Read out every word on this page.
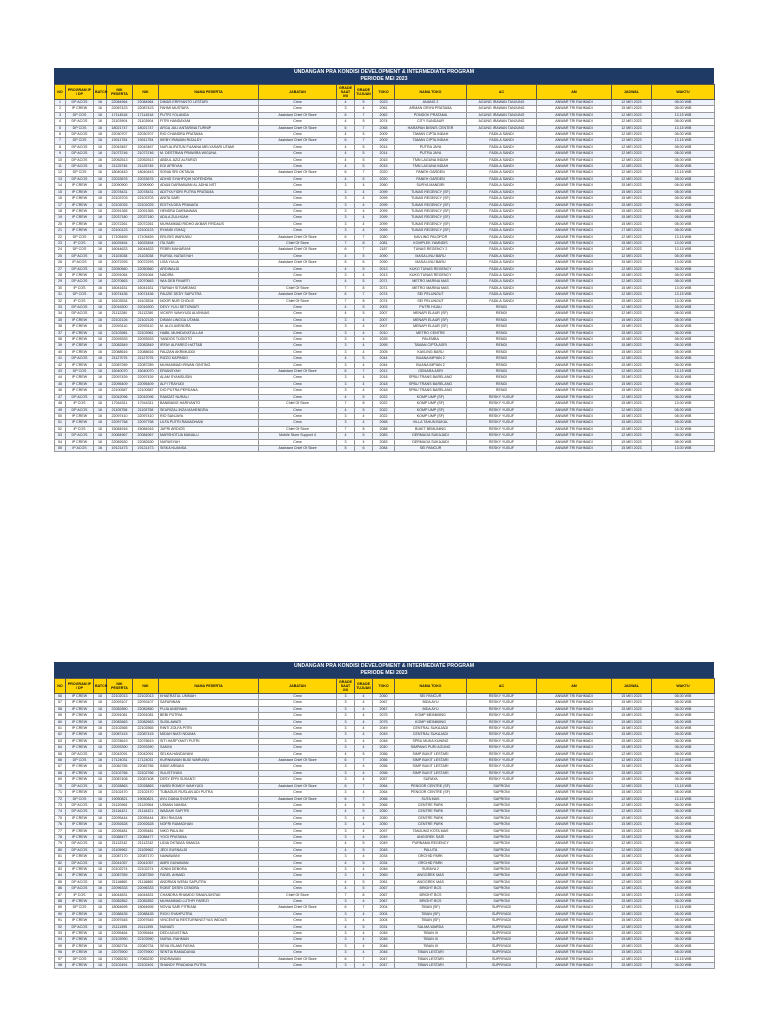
UNDANGAN PRA KONDISI DEVELOPMENT & INTERMEDIATE PROGRAM
PERIODE MEI 2023
NO	PROGRAM IP / DP	BATCH	NIK PESERTA	NIK	NAMA PESERTA	JABATAN	GRADE SAAT INI	GRADE TUJUAN	TOKO	NAMA TOKO	AC	AM	JADWAL	WAKTU
1	DP ACOS	16	22084964	22084964	DIMAS ERRYANTO LESTARI	Crew	4	5	2023	ANANG 2	AGUNG IRAWAN TANJUNG	ANWAR TRI RAHMADI	12 MEI 2023	08.00 WIB
2	IP CREW	16	22087423	22087423	FAHMI MUSTAFA	Crew	3	4	2061	ARMAN GRIYA PRATAMA	AGUNG IRAWAN TANJUNG	ANWAR TRI RAHMADI	15 MEI 2023	08.00 WIB
3	DP COS	16	17114518	17114518	PUTRI YOLANDA	Assistant Chief Of Store	6	7	2062	PONDOK PRATAMA	AGUNG IRAWAN TANJUNG	ANWAR TRI RAHMADI	12 MEI 2023	13.15 WIB
4	DP ACOS	16	21103904	21103904	FITRI HANDAYANI	Crew	4	5	2074	CITY SUNDAUR	AGUNG IRAWAN TANJUNG	ANWAR TRI RAHMADI	12 MEI 2023	08.00 WIB
5	DP COS	16	18021747	18021747	ARGA JULI ANTARINA TURNIP	Assistant Chief Of Store	6	7	2068	HARAPAN BISNIS CENTER	AGUNG IRAWAN TANJUNG	ANWAR TRI RAHMADI	12 MEI 2023	13.15 WIB
6	DP ACOS	16	22030707	22030707	RIO CHANDRA PRATAMA	Crew	4	5	2009	TAMAN CIPTA INDAH	FADILA SANDI	ANWAR TRI RAHMADI	12 MEI 2023	08.00 WIB
7	DP COS	16	19011754	19011754	IKEBY IRAWAN RIZALDY	Assistant Chief Of Store	6	7	2009	TAMAN CIPTA INDAH	FADILA SANDI	ANWAR TRI RAHMADI	12 MEI 2023	13.15 WIB
8	DP ACOS	16	22043467	22043467	NUR ALIFATUN FUANNA MELYASARI UTAMI	Crew	4	5	2014	PUTRA JAYA	FADILA SANDI	ANWAR TRI RAHMADI	12 MEI 2023	08.00 WIB
9	DP ACOS	16	21073746	21073746	M. DESTRIAN PRAWIRA WIGUNA	Crew	4	5	2014	PUTRA JAYA	FADILA SANDI	ANWAR TRI RAHMADI	12 MEI 2023	08.00 WIB
10	DP ACOS	16	22052513	22052513	ABDUL AZIZ ALFARIZI	Crew	4	5	2015	TMN LAGUNA INDAH	FADILA SANDI	ANWAR TRI RAHMADI	12 MEI 2023	08.00 WIB
11	DP ACOS	16	21125745	21125745	EGI AFRIYAN	Crew	4	5	2015	TMN LAGUNA INDAH	FADILA SANDI	ANWAR TRI RAHMADI	12 MEI 2023	08.00 WIB
12	DP COS	16	18040443	18040443	SONIA SRI OKTAVIA	Assistant Chief Of Store	6	7	2020	PANEH GARDEN	FADILA SANDI	ANWAR TRI RAHMADI	12 MEI 2023	13.15 WIB
13	DP ACOS	16	22033676	22033676	ADHID SYAHFIQIH NOFENDRA	Crew	4	5	2020	PANEH GARDEN	FADILA SANDI	ANWAR TRI RAHMADI	12 MEI 2023	08.00 WIB
14	IP CREW	16	22090900	22090900	ADAM DARMAWAN AL ADHA NST	Crew	3	4	2060	SURYA MANDIRI	FADILA SANDI	ANWAR TRI RAHMADI	15 MEI 2023	08.00 WIB
15	IP CREW	16	22078431	22078431	ADITYA FIDRI PUTRA PRATAMA	Crew	3	4	2099	TUNAS REGENCY (SF)	FADILA SANDI	ANWAR TRI RAHMADI	15 MEI 2023	08.00 WIB
16	IP CREW	16	22103703	22103703	ANITA SARI	Crew	3	4	2099	TUNAS REGENCY (SF)	FADILA SANDI	ANWAR TRI RAHMADI	15 MEI 2023	08.00 WIB
17	IP CREW	16	22102025	22102025	EDITYA DEA PRANATA	Crew	3	4	2099	TUNAS REGENCY (SF)	FADILA SANDI	ANWAR TRI RAHMADI	15 MEI 2023	08.00 WIB
18	IP CREW	16	22091365	22091365	HENDRA DARMAWAN	Crew	3	4	2099	TUNAS REGENCY (SF)	FADILA SANDI	ANWAR TRI RAHMADI	15 MEI 2023	08.00 WIB
19	IP CREW	16	22037180	22037180	ADILA ZULHIJAH	Crew	3	4	2099	TUNAS REGENCY (SF)	FADILA SANDI	ANWAR TRI RAHMADI	15 MEI 2023	08.00 WIB
20	IP CREW	16	22072261	22072261	MUHAMMAD RIDHO AKBAR FIRDAUS	Crew	3	4	2099	TUNAS REGENCY (SF)	FADILA SANDI	ANWAR TRI RAHMADI	15 MEI 2023	08.00 WIB
21	IP CREW	16	22100123	22100123	RYANDI ISHAQ	Crew	3	4	2099	TUNAS REGENCY (SF)	FADILA SANDI	ANWAR TRI RAHMADI	17 MEI 2023	08.00 WIB
22	DP COS	16	17105459	17105459	ERLISIS WARUWU	Assistant Chief Of Store	6	7	2080	KAVLING PALOPOR	FADILA SANDI	ANWAR TRI RAHMADI	12 MEI 2023	13.15 WIB
23	IP COS	16	16025454	16025454	ITA SARI	Chief Of Store	7	8	2081	KOMPLEK YAMNDIS	FADILA SANDI	ANWAR TRI RAHMADI	15 MEI 2023	13.00 WIB
24	DP COS	16	16044633	16044633	FEBRI MAHARANI	Assistant Chief Of Store	6	7	2187	TUNAS REGENCY 2	FADILA SANDI	ANWAR TRI RAHMADI	12 MEI 2023	13.15 WIB
25	DP ACOS	16	21103038	21103038	RURIUL NATASYAH	Crew	4	5	2090	MASA LINU BARU	FADILA SANDI	ANWAR TRI RAHMADI	12 MEI 2023	08.00 WIB
26	IP ACOS	16	20072293	20072293	LISA YULIA	Assistant Chief Of Store	5	6	2090	MASA LINU BARU	FADILA SANDI	ANWAR TRI RAHMADI	15 MEI 2023	13.00 WIB
27	DP ACOS	16	22050560	22050560	ARDINALDI	Crew	4	5	2013	KUKO TUNAS REGENCY	FADILA SANDI	ANWAR TRI RAHMADI	12 MEI 2023	08.00 WIB
28	IP CREW	16	22091064	22091064	NADIRA	Crew	3	4	2013	KUKO TUNAS REGENCY	FADILA SANDI	ANWAR TRI RAHMADI	15 MEI 2023	08.00 WIB
29	DP ACOS	16	22070663	22070663	WIA DEB FINARTI	Crew	4	5	2071	METRO MARINA MAS	FADILA SANDI	ANWAR TRI RAHMADI	12 MEI 2023	08.00 WIB
30	IP COS	16	16041631	16041631	ITARIAH SITUMEANG	Chief Of Store	7	8	2071	METRO MARINA MAS	FADILA SANDI	ANWAR TRI RAHMADI	15 MEI 2023	13.00 WIB
31	DP COS	16	19074436	19074436	FAUZIE DEDY SAPUTRA	Assistant Chief Of Store	6	7	2074	SEI PELUNGUT	FADILA SANDI	ANWAR TRI RAHMADI	12 MEI 2023	13.15 WIB
32	IP COS	16	16103534	16103534	NOOR NUR CHOLIS	Chief Of Store	7	8	2074	SEI PELUNGUT	FADILA SANDI	ANWAR TRI RAHMADI	15 MEI 2023	13.00 WIB
33	DP ACOS	16	22016300	22016300	DEVY YULI SETIOWATI	Crew	4	5	2003	PUTRI HIJAU	RENDI	ANWAR TRI RAHMADI	12 MEI 2023	08.00 WIB
34	DP ACOS	16	21112280	21112280	VICKRY WAHYUDI ALVINNAS	Crew	4	5	2007	MENAPI ELAUR (SF)	RENDI	ANWAR TRI RAHMADI	12 MEI 2023	08.00 WIB
35	IP CREW	16	22102126	22102126	DIMAN LINGGA UTAMA	Crew	3	4	2007	MENAPI ELAUR (SF)	RENDI	ANWAR TRI RAHMADI	15 MEI 2023	08.00 WIB
36	IP CREW	16	22093110	22093110	M. ALDI AVENDRA	Crew	3	4	2007	MENAPI ELAUR (SF)	RENDI	ANWAR TRI RAHMADI	15 MEI 2023	08.00 WIB
37	IP CREW	16	22103981	22103981	HABIL MUHIDAYATULLAH	Crew	3	4	2010	METRO CENTRE	RENDI	ANWAR TRI RAHMADI	15 MEI 2023	08.00 WIB
38	IP CREW	16	22093933	22093933	YANDOS TUGIOTO	Crew	3	4	2039	PALEMBA	RENDI	ANWAR TRI RAHMADI	15 MEI 2023	08.00 WIB
39	IP CREW	16	22082849	22082849	IRFAY ALFAREO HATTAB	Crew	3	4	2095	TAMAN CIPTA ASRI	RENDI	ANWAR TRI RAHMADI	15 MEI 2023	08.00 WIB
40	IP CREW	16	22088616	22088616	FAUZAN AKRIMUDDI	Crew	3	4	2005	KAVLING BARU	RENDI	ANWAR TRI RAHMADI	15 MEI 2023	08.00 WIB
41	DP ACOS	16	21127075	21127075	RIZZO KAPINDO	Crew	4	5	2044	BUANA IMPIAN 2	RENDI	ANWAR TRI RAHMADI	12 MEI 2023	08.00 WIB
42	IP CREW	16	22087289	22087289	MUHAMMAD IRWAN GINTING	Crew	3	4	2044	BUANA IMPIAN 2	RENDI	ANWAR TRI RAHMADI	15 MEI 2023	08.00 WIB
43	DP COS	16	15040070	15040070	ERIANSYAH	Assistant Chief Of Store	6	7	2012	GEMARA ASRI	RENDI	ANWAR TRI RAHMADI	12 MEI 2023	13.15 WIB
44	IP CREW	16	22097439	22097439	ALAM SYAMSUDIN	Crew	3	4	2018	SPBU TRANS BARELANG	RENDI	ANWAR TRI RAHMADI	15 MEI 2023	08.00 WIB
45	IP CREW	16	22095409	22095409	ALFI TRAYUDI	Crew	3	4	2018	SPBU TRANS BARELANG	RENDI	ANWAR TRI RAHMADI	15 MEI 2023	08.00 WIB
46	IP CREW	16	22100587	22100587	DIO PUTRA PERDANA	Crew	3	4	2018	SPBU TRANS BARELANG	RENDI	ANWAR TRI RAHMADI	15 MEI 2023	08.00 WIB
47	DP ACOS	16	22042096	22042096	RAMZAT NURALI	Crew	4	5	2022	KOMP UMP (SF)	RESKY YUSUF	ANWAR TRI RAHMADI	12 MEI 2023	08.00 WIB
48	IP COS	16	17044311	17044311	BANIBANG HARIYANTO	Chief Of Store	7	8	2022	KOMP UMP (SF)	RESKY YUSUF	ANWAR TRI RAHMADI	15 MEI 2023	13.00 WIB
49	DP ACOS	16	21105758	21105758	SEURIZAL INZA MAHENDRA	Crew	4	5	2022	KOMP UMP (SF)	RESKY YUSUF	ANWAR TRI RAHMADI	12 MEI 2023	08.00 WIB
50	IP CREW	16	22097410	22097410	RIO SANJAYA	Crew	3	4	2022	KOMP UMP (SF)	RESKY YUSUF	ANWAR TRI RAHMADI	15 MEI 2023	08.00 WIB
51	IP CREW	16	22097768	22097768	ULFA PUTRI RAMADHANI	Crew	3	4	2068	VILLA TAHUN BUKAL	RESKY YUSUF	ANWAR TRI RAHMADI	15 MEI 2023	08.00 WIB
52	IP COS	16	15084916	15084916	JUFRI ARDIOS	Chief Of Store	7	8	2088	BUKIT BEMUNING	RESKY YUSUF	ANWAR TRI RAHMADI	15 MEI 2023	13.00 WIB
53	DP ACOS	16	20084967	20084967	MARSHOTUA MANALU	Mobile Store Support 4	4	5	2083	DERMAGA SUKAJADI	RESKY YUSUF	ANWAR TRI RAHMADI	12 MEI 2023	08.00 WIB
54	IP CREW	16	22082630	22082630	NURASYAH	Crew	3	4	2083	DERMAGA SUKAJADI	RESKY YUSUF	ANWAR TRI RAHMADI	15 MEI 2023	08.00 WIB
55	IP ACOS	16	19121473	19121473	SISKA NUANSA	Assistant Chief Of Store	5	6	2084	SEI PANCUR	RESKY YUSUF	ANWAR TRI RAHMADI	15 MEI 2023	13.00 WIB
UNDANGAN PRA KONDISI DEVELOPMENT & INTERMEDIATE PROGRAM
PERIODE MEI 2023
NO	PROGRAM IP / DP	BATCH	NIK PESERTA	NIK	NAMA PESERTA	JABATAN	GRADE SAAT INI	GRADE TUJUAN	TOKO	NAMA TOKO	AC	AM	JADWAL	WAKTU
56	IP CREW	16	22102013	22102013	KHAERATUL UMMAH	Crew	3	4	2060	SEI PANCUR	RESKY YUSUF	ANWAR TRI RAHMADI	15 MEI 2023	08.00 WIB
57	IP CREW	16	22093107	22093107	SAFARINAN	Crew	3	4	2067	BIDA AYU	RESKY YUSUF	ANWAR TRI RAHMADI	15 MEI 2023	08.00 WIB
58	IP CREW	16	22082850	22082850	PUJA ANDRIANI	Crew	3	4	2067	BIDA AYU	RESKY YUSUF	ANWAR TRI RAHMADI	15 MEI 2023	08.00 WIB
59	IP CREW	16	22091081	22091081	BEBI PUTRIA	Crew	3	4	2075	KOMP MEINIMING	RESKY YUSUF	ANWAR TRI RAHMADI	15 MEI 2023	08.00 WIB
60	IP CREW	16	22082663	22082663	SUSILAWATI	Crew	3	4	2075	KOMP MEINIMING	RESKY YUSUF	ANWAR TRI RAHMADI	15 MEI 2023	08.00 WIB
61	IP CREW	16	22102565	22102565	RINTI ZOLFA PITRI	Crew	3	4	2049	CENTRAL SUKAJADI	RESKY YUSUF	ANWAR TRI RAHMADI	15 MEI 2023	08.00 WIB
62	IP CREW	16	22087415	22087415	MIDAH NIATI NDUMA	Crew	3	4	2049	CENTRAL SUKAJADI	RESKY YUSUF	ANWAR TRI RAHMADI	15 MEI 2023	08.00 WIB
63	IP CREW	16	22078619	22078619	SITI HARFYANTI PUTRI	Crew	3	4	2048	SPBU MUKA KUNING	RESKY YUSUF	ANWAR TRI RAHMADI	15 MEI 2023	08.00 WIB
64	IP CREW	16	22093390	22093390	SAKINI	Crew	3	4	2040	SIMPANG PURI AGUNG	RESKY YUSUF	ANWAR TRI RAHMADI	15 MEI 2023	08.00 WIB
65	DP ACOS	16	22042091	22042091	SELKA HANDAYANI	Crew	4	5	2056	SIMP BUKIT LESTARI	RESKY YUSUF	ANWAR TRI RAHMADI	12 MEI 2023	08.00 WIB
66	DP COS	16	17124031	17124031	KURNIAWAN BUDI WARUWU	Assistant Chief Of Store	6	7	2056	SIMP BUKIT LESTARI	RESKY YUSUF	ANWAR TRI RAHMADI	12 MEI 2023	13.15 WIB
67	IP CREW	16	22082785	22082785	INDIE ARBANI	Crew	3	4	2056	SIMP BUKIT LESTARI	RESKY YUSUF	ANWAR TRI RAHMADI	15 MEI 2023	08.00 WIB
68	IP CREW	16	22102766	22102766	SULISTIYANI	Crew	3	4	2056	SIMP BUKIT LESTARI	RESKY YUSUF	ANWAR TRI RAHMADI	15 MEI 2023	08.00 WIB
69	IP CREW	16	22087408	22087408	DESY EFRI SUSANTI	Crew	3	4	2057	SURAYA	RESKY YUSUF	ANWAR TRI RAHMADI	15 MEI 2023	08.00 WIB
70	DP ACOS	16	22028863	22028863	HASBI ROMDY WAHYUDI	Assistant Chief Of Store	6	7	2064	PENGOR CENTRE (SF)	SAPRONI	ANWAR TRI RAHMADI	12 MEI 2023	13.15 WIB
71	IP CREW	16	22102470	22102470	TUBAGUS RUSLAN ADI PUTRA	Crew	3	4	2064	PENGOR CENTRE (SF)	SAPRONI	ANWAR TRI RAHMADI	15 MEI 2023	08.00 WIB
72	DP COS	16	19050821	19050821	AYU DIANA SYAFITRA	Assistant Chief Of Store	6	7	2066	SUTA MAS	SAPRONI	ANWAR TRI RAHMADI	12 MEI 2023	13.15 WIB
73	DP ACOS	16	21120964	21120964	USMAN NANDA	Crew	4	5	2066	CENTRE PARK	SAPRONI	ANWAR TRI RAHMADI	12 MEI 2023	08.00 WIB
74	DP ACOS	16	21116421	21116421	WADAHI SAFITRI	Crew	4	5	2050	CENTRE PARK	SAPRONI	ANWAR TRI RAHMADI	12 MEI 2023	08.00 WIB
75	IP CREW	16	22095444	22095444	JEKI RIAGAN	Crew	3	4	2050	CENTRE PARK	SAPRONI	ANWAR TRI RAHMADI	15 MEI 2023	08.00 WIB
76	IP CREW	16	22092628	22092628	NOFRI RAMADHAN	Crew	3	4	2050	CENTRE PARK	SAPRONI	ANWAR TRI RAHMADI	15 MEI 2023	08.00 WIB
77	IP CREW	16	22095481	22095481	NIKO PAULINI	Crew	3	4	2097	TANJUNG KOTA MAS	SAPRONI	ANWAR TRI RAHMADI	15 MEI 2023	08.00 WIB
78	IP CREW	16	22088477	22088477	YOGI PRATAMA	Crew	3	4	2049	ANGGREK SARI	SAPRONI	ANWAR TRI RAHMADI	15 MEI 2023	08.00 WIB
79	DP ACOS	16	21112242	21112242	LIDIA OKTAVIA SIMAGA	Crew	4	5	2049	PURNAMA REGENCY	SAPRONI	ANWAR TRI RAHMADI	12 MEI 2023	08.00 WIB
80	DP ACOS	16	21105962	21105962	JEDI GUSNALDI	Crew	4	5	2045	PALUTA	SAPRONI	ANWAR TRI RAHMADI	12 MEI 2023	08.00 WIB
81	IP CREW	16	22087170	22087170	NAWAWANI	Crew	3	4	2034	ORCHID PARK	SAPRONI	ANWAR TRI RAHMADI	15 MEI 2023	08.00 WIB
82	DP ACOS	16	22041057	22041057	AMRI GUNAWAN	Crew	4	5	2034	ORCHID PARK	SAPRONI	ANWAR TRI RAHMADI	12 MEI 2023	08.00 WIB
83	IP CREW	16	22102274	22102274	JONNI DEBORA	Crew	3	4	2046	SURAYA 2	SAPRONI	ANWAR TRI RAHMADI	15 MEI 2023	08.00 WIB
84	IP CREW	16	22087359	22087359	FADEL AHMAD	Crew	3	4	2069	ANGGREK MAS	SAPRONI	ANWAR TRI RAHMADI	15 MEI 2023	08.00 WIB
85	DP ACOS	16	21116860	21116860	ANDRIAN WENU SAPUTRA	Crew	4	5	2061	ANGGREK MAS	SAPRONI	ANWAR TRI RAHMADI	12 MEI 2023	08.00 WIB
86	DP ACOS	16	22096333	22096333	ROBIT DESRI CENDRA	Crew	4	5	2067	BRIGHT BCS	SAPRONI	ANWAR TRI RAHMADI	12 MEI 2023	08.00 WIB
87	IP COS	16	16044631	16044631	CHANDRA RHAMDO SIMANJUNTAK	Chief Of Store	7	8	2067	BRIGHT BCS	SAPRONI	ANWAR TRI RAHMADI	15 MEI 2023	13.00 WIB
88	IP CREW	16	22082852	22082852	MUHAMMAD LUTHFI FAREZI	Crew	3	4	2067	BRIGHT BCS	SAPRONI	ANWAR TRI RAHMADI	15 MEI 2023	08.00 WIB
89	DP COS	16	18064695	18064695	NOVIA SARI FITRIANI	Assistant Chief Of Store	6	7	2004	TIBAN (SF)	SUPRIYADI	ANWAR TRI RAHMADI	12 MEI 2023	13.15 WIB
90	IP CREW	16	22088435	22088435	RICKI SYAHPUTRA	Crew	3	4	2004	TIBAN (SF)	SUPRIYADI	ANWAR TRI RAHMADI	15 MEI 2023	08.00 WIB
91	IP CREW	16	22097645	22097645	VINCENTIA RESTURNINGTYAS WIDIATI	Crew	3	4	2004	TIBAN (SF)	SUPRIYADI	ANWAR TRI RAHMADI	15 MEI 2023	08.00 WIB
92	DP ACOS	16	21111395	21111395	NUNIATI	Crew	4	5	2031	SALMA WARDA	SUPRIYADI	ANWAR TRI RAHMADI	12 MEI 2023	08.00 WIB
93	IP CREW	16	22095464	22095464	DEDI AGUSTINA	Crew	3	4	2045	TIBAN III	SUPRIYADI	ANWAR TRI RAHMADI	15 MEI 2023	08.00 WIB
94	IP CREW	16	22103990	22103990	NURUL RAHMAN	Crew	3	4	2046	TIBAN III	SUPRIYADI	ANWAR TRI RAHMADI	15 MEI 2023	08.00 WIB
95	IP CREW	16	22082734	22082734	SEVA ISLAMI FASHA	Crew	3	4	2046	TIBAN III	SUPRIYADI	ANWAR TRI RAHMADI	15 MEI 2023	08.00 WIB
96	IP CREW	16	22075900	22075900	SENTIA RAMADANIA	Crew	3	4	2046	TIBAN LESTARI	SUPRIYADI	ANWAR TRI RAHMADI	15 MEI 2023	08.00 WIB
97	DP COS	16	17065230	17065230	ENDRAWAN	Assistant Chief Of Store	6	7	2047	TIBAN LESTARI	SUPRIYADI	ANWAR TRI RAHMADI	12 MEI 2023	13.15 WIB
98	IP CREW	16	22102491	22102491	SHANDY PRADANA PUTRA	Crew	3	4	2047	TIBAN LESTARI	SUPRIYADI	ANWAR TRI RAHMADI	15 MEI 2023	08.00 WIB
